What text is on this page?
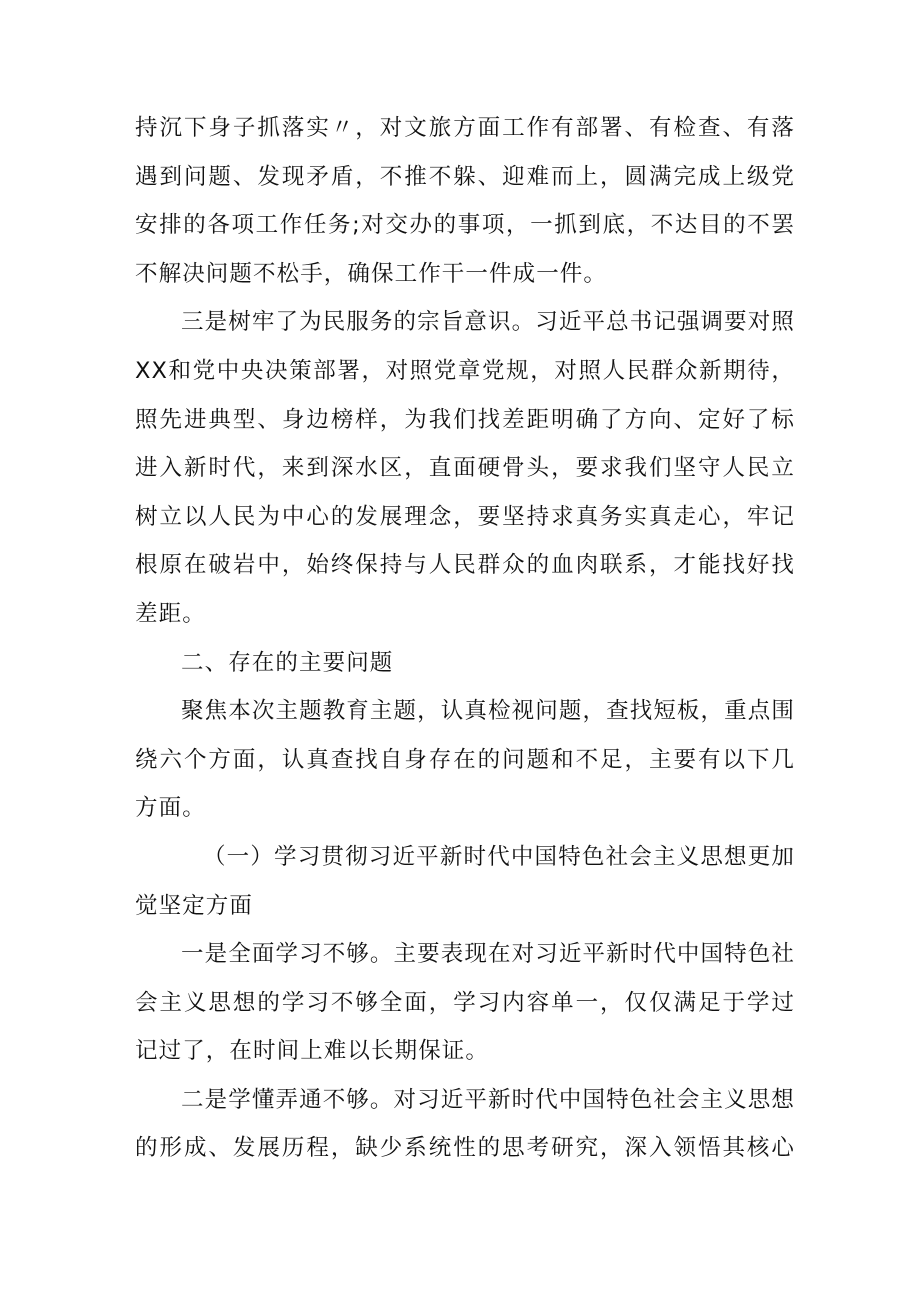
持沉下身子抓落实〃，对文旅方面工作有部署、有检查、有落
遇到问题、发现矛盾，不推不躲、迎难而上，圆满完成上级党
安排的各项工作任务;对交办的事项，一抓到底，不达目的不罢
不解决问题不松手，确保工作干一件成一件。
三是树牢了为民服务的宗旨意识。习近平总书记强调要对照
XX和党中央决策部署，对照党章党规，对照人民群众新期待，
照先进典型、身边榜样，为我们找差距明确了方向、定好了标
进入新时代，来到深水区，直面硬骨头，要求我们坚守人民立
树立以人民为中心的发展理念，要坚持求真务实真走心，牢记
根原在破岩中，始终保持与人民群众的血肉联系，才能找好找
差距。
二、存在的主要问题
聚焦本次主题教育主题，认真检视问题，查找短板，重点围
绕六个方面，认真查找自身存在的问题和不足，主要有以下几
方面。
（一）学习贯彻习近平新时代中国特色社会主义思想更加
觉坚定方面
一是全面学习不够。主要表现在对习近平新时代中国特色社
会主义思想的学习不够全面，学习内容单一，仅仅满足于学过
记过了，在时间上难以长期保证。
二是学懂弄通不够。对习近平新时代中国特色社会主义思想
的形成、发展历程，缺少系统性的思考研究，深入领悟其核心
